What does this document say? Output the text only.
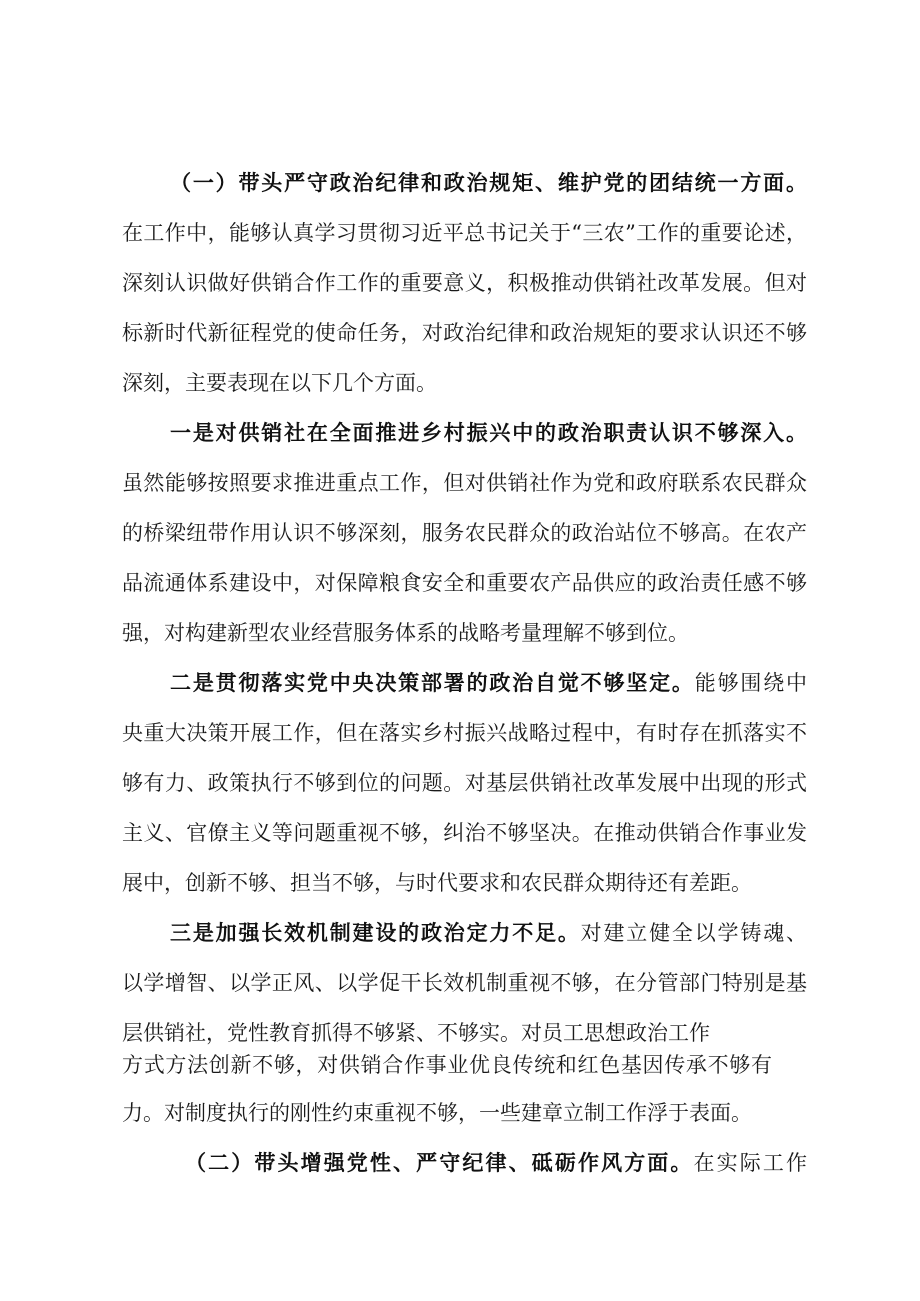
（一）带头严守政治纪律和政治规矩、维护党的团结统一方面。
在工作中，能够认真学习贯彻习近平总书记关于“三农”工作的重要论述，
深刻认识做好供销合作工作的重要意义，积极推动供销社改革发展。但对
标新时代新征程党的使命任务，对政治纪律和政治规矩的要求认识还不够
深刻，主要表现在以下几个方面。
一是对供销社在全面推进乡村振兴中的政治职责认识不够深入。
虽然能够按照要求推进重点工作，但对供销社作为党和政府联系农民群众
的桥梁纽带作用认识不够深刻，服务农民群众的政治站位不够高。在农产
品流通体系建设中，对保障粮食安全和重要农产品供应的政治责任感不够
强，对构建新型农业经营服务体系的战略考量理解不够到位。
二是贯彻落实党中央决策部署的政治自觉不够坚定。能够围绕中
央重大决策开展工作，但在落实乡村振兴战略过程中，有时存在抓落实不
够有力、政策执行不够到位的问题。对基层供销社改革发展中出现的形式
主义、官僚主义等问题重视不够，纠治不够坚决。在推动供销合作事业发
展中，创新不够、担当不够，与时代要求和农民群众期待还有差距。
三是加强长效机制建设的政治定力不足。对建立健全以学铸魂、
以学增智、以学正风、以学促干长效机制重视不够，在分管部门特别是基
层供销社，党性教育抓得不够紧、不够实。对员工思想政治工作
方式方法创新不够，对供销合作事业优良传统和红色基因传承不够有
力。对制度执行的刚性约束重视不够，一些建章立制工作浮于表面。
（二）带头增强党性、严守纪律、砥砺作风方面。在实际工作
